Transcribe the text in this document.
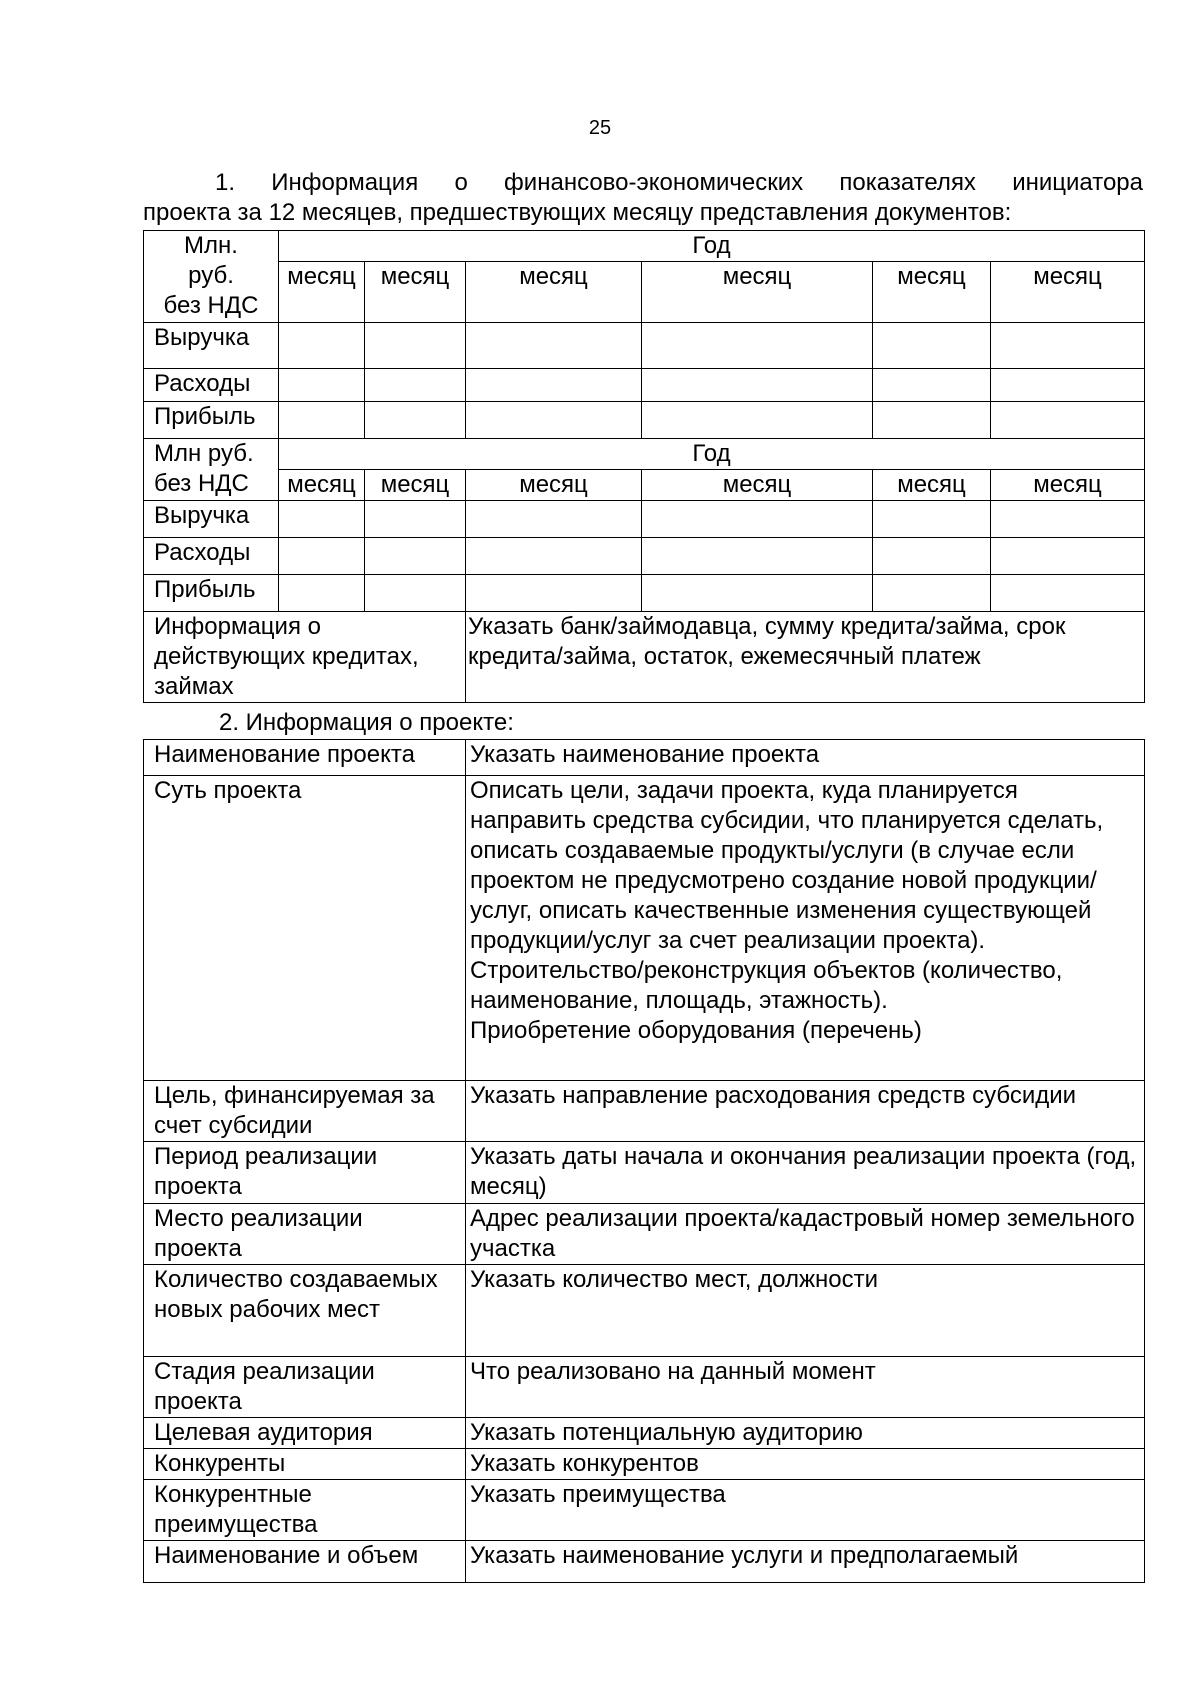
25
1. Информация о финансово-экономических показателях инициатора
проекта за 12 месяцев, предшествующих месяцу представления документов:
Млн.
руб.
без НДС	Год					
	месяц	месяц	месяц	месяц	месяц	месяц
Выручка						
Расходы						
Прибыль						
Млн руб.
без НДС	Год					
	месяц	месяц	месяц	месяц	месяц	месяц
Выручка						
Расходы						
Прибыль						
Информация о действующих кредитах, займах			Указать банк/займодавца, сумму кредита/займа, срок кредита/займа, остаток, ежемесячный платеж			
2. Информация о проекте:
Наименование проекта	Указать наименование проекта
Суть проекта	Описать цели, задачи проекта, куда планируется направить средства субсидии, что планируется сделать, описать создаваемые продукты/услуги (в случае если проектом не предусмотрено создание новой продукции/услуг, описать качественные изменения существующей продукции/услуг за счет реализации проекта).
Строительство/реконструкция объектов (количество, наименование, площадь, этажность).
Приобретение оборудования (перечень)
Цель, финансируемая за счет субсидии	Указать направление расходования средств субсидии
Период реализации проекта	Указать даты начала и окончания реализации проекта (год, месяц)
Место реализации проекта	Адрес реализации проекта/кадастровый номер земельного участка
Количество создаваемых новых рабочих мест	Указать количество мест, должности
Стадия реализации проекта	Что реализовано на данный момент
Целевая аудитория	Указать потенциальную аудиторию
Конкуренты	Указать конкурентов
Конкурентные преимущества	Указать преимущества
Наименование и объем	Указать наименование услуги и предполагаемый
